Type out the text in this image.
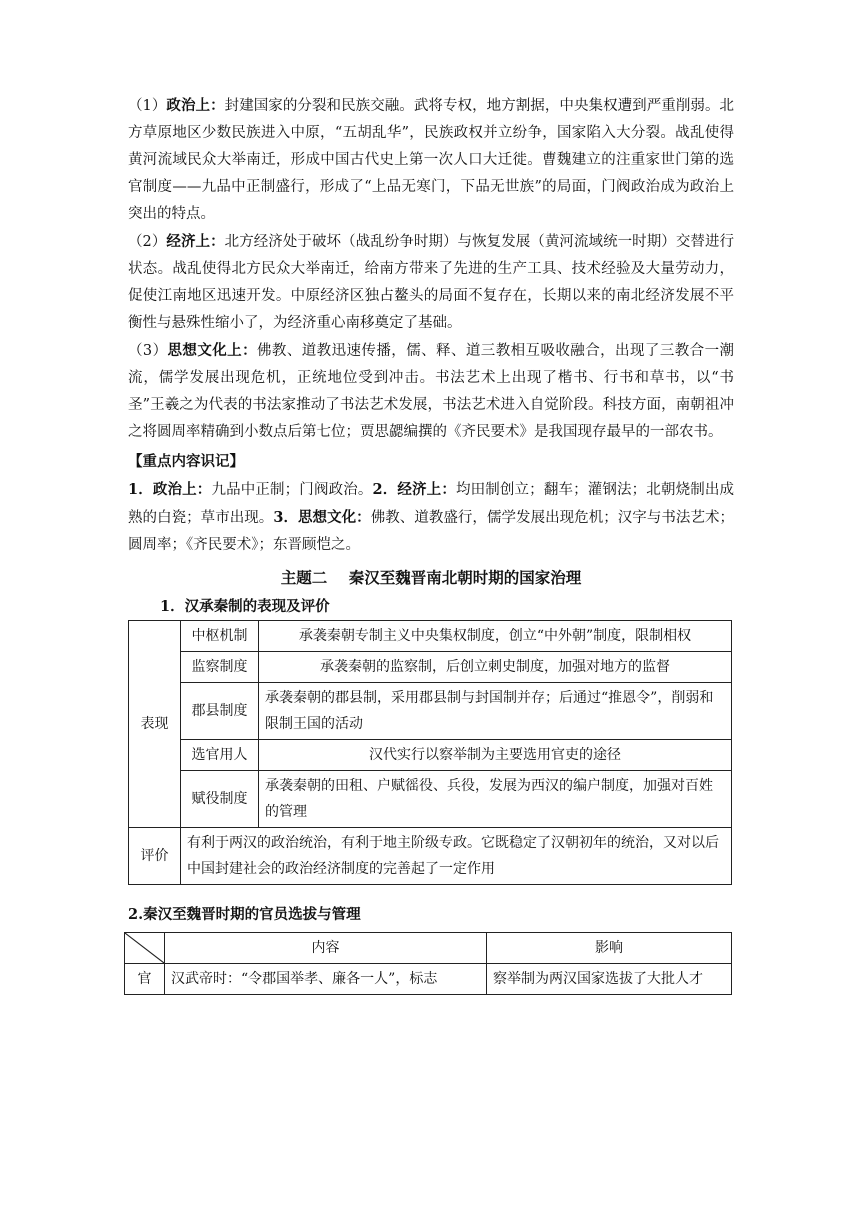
（1）政治上：封建国家的分裂和民族交融。武将专权，地方割据，中央集权遭到严重削弱。北方草原地区少数民族进入中原，“五胡乱华”，民族政权并立纷争，国家陷入大分裂。战乱使得黄河流域民众大举南迁，形成中国古代史上第一次人口大迁徙。曹魏建立的注重家世门第的选官制度——九品中正制盛行，形成了“上品无寒门，下品无世族”的局面，门阀政治成为政治上突出的特点。

（2）经济上：北方经济处于破坏（战乱纷争时期）与恢复发展（黄河流域统一时期）交替进行状态。战乱使得北方民众大举南迁，给南方带来了先进的生产工具、技术经验及大量劳动力，促使江南地区迅速开发。中原经济区独占鳌头的局面不复存在，长期以来的南北经济发展不平衡性与悬殊性缩小了，为经济重心南移奠定了基础。

（3）思想文化上：佛教、道教迅速传播，儒、释、道三教相互吸收融合，出现了三教合一潮流，儒学发展出现危机，正统地位受到冲击。书法艺术上出现了楷书、行书和草书，以“书圣”王羲之为代表的书法家推动了书法艺术发展，书法艺术进入自觉阶段。科技方面，南朝祖冲之将圆周率精确到小数点后第七位；贾思勰编撰的《齐民要术》是我国现存最早的一部农书。

【重点内容识记】

1．政治上：九品中正制；门阀政治。2．经济上：均田制创立；翻车；灌钢法；北朝烧制出成熟的白瓷；草市出现。3．思想文化：佛教、道教盛行，儒学发展出现危机；汉字与书法艺术；圆周率；《齐民要术》；东晋顾恺之。

主题二    秦汉至魏晋南北朝时期的国家治理
1．汉承秦制的表现及评价
表现	中枢机制	承袭秦朝专制主义中央集权制度，创立“中外朝”制度，限制相权
	监察制度	承袭秦朝的监察制，后创立刺史制度，加强对地方的监督
	郡县制度	承袭秦朝的郡县制，采用郡县制与封国制并存；后通过“推恩令”，削弱和限制王国的活动
	选官用人	汉代实行以察举制为主要选用官吏的途径
	赋役制度	承袭秦朝的田租、户赋徭役、兵役，发展为西汉的编户制度，加强对百姓的管理
评价	有利于两汉的政治统治，有利于地主阶级专政。它既稳定了汉朝初年的统治，又对以后中国封建社会的政治经济制度的完善起了一定作用	
2.秦汉至魏晋时期的官员选拔与管理
	内容	影响
官	汉武帝时：“令郡国举孝、廉各一人”，标志	察举制为两汉国家选拔了大批人才
